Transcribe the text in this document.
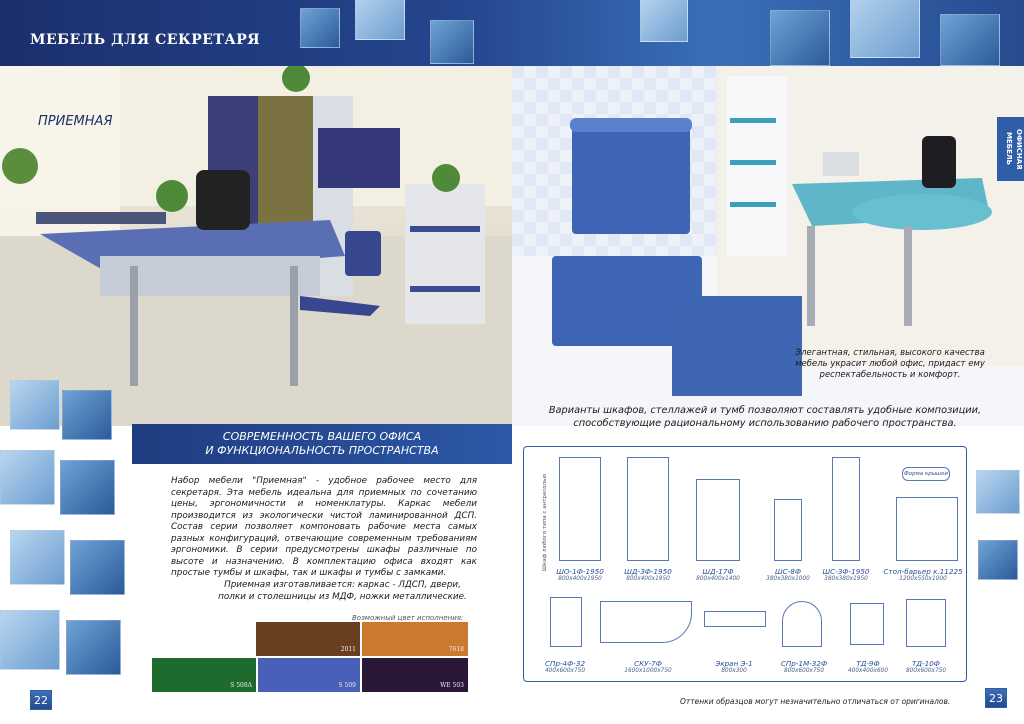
МЕБЕЛЬ ДЛЯ СЕКРЕТАРЯ
ПРИЕМНАЯ
ОФИСНАЯ МЕБЕЛЬ
СОВРЕМЕННОСТЬ ВАШЕГО ОФИСА
И ФУНКЦИОНАЛЬНОСТЬ ПРОСТРАНСТВА
Набор мебели "Приемная" - удобное рабочее место для секретаря. Эта мебель идеальна для приемных по сочетанию цены, эргономичности и номенклатуры. Каркас мебели производится из экологически чистой ламинированной ДСП. Состав серии позволяет компоновать рабочие места самых разных конфигураций, отвечающие современным требованиям эргономики. В серии предусмотрены шкафы различные по высоте и назначению. В комплектацию офиса входят как простые тумбы и шкафы, так и шкафы и тумбы с замками.
Приемная изготавливается: каркас - ЛДСП, двери, полки и столешницы из МДФ, ножки металлические.
Возможный цвет исполнения:
2011	7618
S 508A	S 509	WE 503
22
Элегантная, стильная, высокого качества мебель украсит любой офис, придаст ему респектабельность и комфорт.
Варианты шкафов, стеллажей и тумб позволяют составлять удобные композиции, способствующие рациональному использованию рабочего пространства.
Шкаф любого типа с антресолью	Форма крышки
ШО-1Ф-1950
800x400x1950
ШД-ЗФ-1950
800x400x1950
ШД-17Ф
800x400x1400
ШС-8Ф
380x380x1000
ШС-ЗФ-1950
380x380x1950
Стол-барьер к.11225
1200x550x1000
СПр-4Ф-32
400x600x750
СКУ-7Ф
1600x1000x750
Экран Э-1
800x300
СПр-1М-32Ф
800x600x750
ТД-9Ф
400x400x600
ТД-10Ф
800x600x750
Оттенки образцов могут незначительно отличаться от оригиналов.	23
